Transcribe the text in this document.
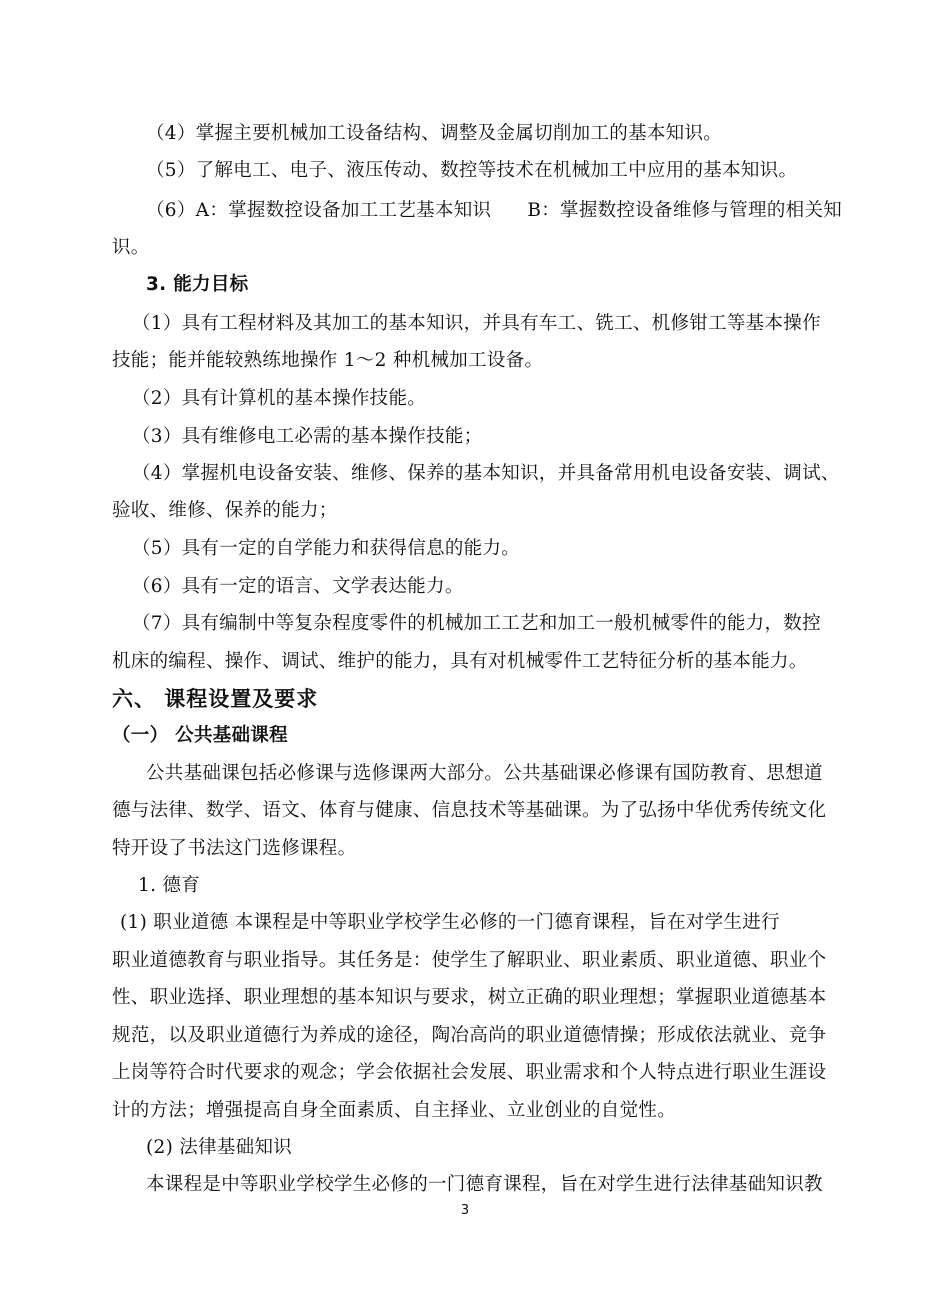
（4）掌握主要机械加工设备结构、调整及金属切削加工的基本知识。
（5）了解电工、电子、液压传动、数控等技术在机械加工中应用的基本知识。
（6）A：掌握数控设备加工工艺基本知识 B：掌握数控设备维修与管理的相关知
识。
3. 能力目标
（1）具有工程材料及其加工的基本知识，并具有车工、铣工、机修钳工等基本操作
技能；能并能较熟练地操作 1～2 种机械加工设备。
（2）具有计算机的基本操作技能。
（3）具有维修电工必需的基本操作技能；
（4）掌握机电设备安装、维修、保养的基本知识，并具备常用机电设备安装、调试、
验收、维修、保养的能力；
（5）具有一定的自学能力和获得信息的能力。
（6）具有一定的语言、文学表达能力。
（7）具有编制中等复杂程度零件的机械加工工艺和加工一般机械零件的能力，数控
机床的编程、操作、调试、维护的能力，具有对机械零件工艺特征分析的基本能力。
六、 课程设置及要求
（一） 公共基础课程
公共基础课包括必修课与选修课两大部分。公共基础课必修课有国防教育、思想道
德与法律、数学、语文、体育与健康、信息技术等基础课。为了弘扬中华优秀传统文化
特开设了书法这门选修课程。
1. 德育
(1) 职业道德 本课程是中等职业学校学生必修的一门德育课程，旨在对学生进行
职业道德教育与职业指导。其任务是：使学生了解职业、职业素质、职业道德、职业个
性、职业选择、职业理想的基本知识与要求，树立正确的职业理想；掌握职业道德基本
规范，以及职业道德行为养成的途径，陶冶高尚的职业道德情操；形成依法就业、竞争
上岗等符合时代要求的观念；学会依据社会发展、职业需求和个人特点进行职业生涯设
计的方法；增强提高自身全面素质、自主择业、立业创业的自觉性。
(2) 法律基础知识
本课程是中等职业学校学生必修的一门德育课程，旨在对学生进行法律基础知识教
3
